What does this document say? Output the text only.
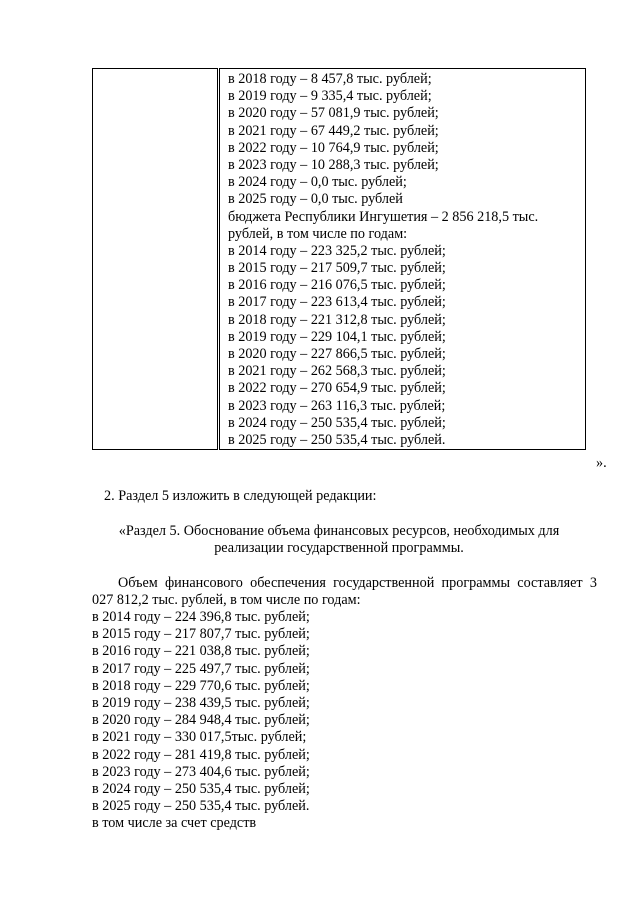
в 2018 году – 8 457,8 тыс. рублей;
в 2019 году – 9 335,4 тыс. рублей;
в 2020 году – 57 081,9 тыс. рублей;
в 2021 году – 67 449,2 тыс. рублей;
в 2022 году – 10 764,9 тыс. рублей;
в 2023 году – 10 288,3 тыс. рублей;
в 2024 году – 0,0 тыс. рублей;
в 2025 году – 0,0 тыс. рублей
бюджета Республики Ингушетия – 2 856 218,5 тыс.
рублей, в том числе по годам:
в 2014 году – 223 325,2 тыс. рублей;
в 2015 году – 217 509,7 тыс. рублей;
в 2016 году – 216 076,5 тыс. рублей;
в 2017 году – 223 613,4 тыс. рублей;
в 2018 году – 221 312,8 тыс. рублей;
в 2019 году – 229 104,1 тыс. рублей;
в 2020 году – 227 866,5 тыс. рублей;
в 2021 году – 262 568,3 тыс. рублей;
в 2022 году – 270 654,9 тыс. рублей;
в 2023 году – 263 116,3 тыс. рублей;
в 2024 году – 250 535,4 тыс. рублей;
в 2025 году – 250 535,4 тыс. рублей.
».
2. Раздел 5 изложить в следующей редакции:
«Раздел 5. Обоснование объема финансовых ресурсов, необходимых для реализации государственной программы.
Объем финансового обеспечения государственной программы составляет 3 027 812,2 тыс. рублей, в том числе по годам:
в 2014 году – 224 396,8 тыс. рублей;
в 2015 году – 217 807,7 тыс. рублей;
в 2016 году – 221 038,8 тыс. рублей;
в 2017 году – 225 497,7 тыс. рублей;
в 2018 году – 229 770,6 тыс. рублей;
в 2019 году – 238 439,5 тыс. рублей;
в 2020 году – 284 948,4 тыс. рублей;
в 2021 году – 330 017,5тыс. рублей;
в 2022 году – 281 419,8 тыс. рублей;
в 2023 году – 273 404,6 тыс. рублей;
в 2024 году – 250 535,4 тыс. рублей;
в 2025 году – 250 535,4 тыс. рублей.
в том числе за счет средств
